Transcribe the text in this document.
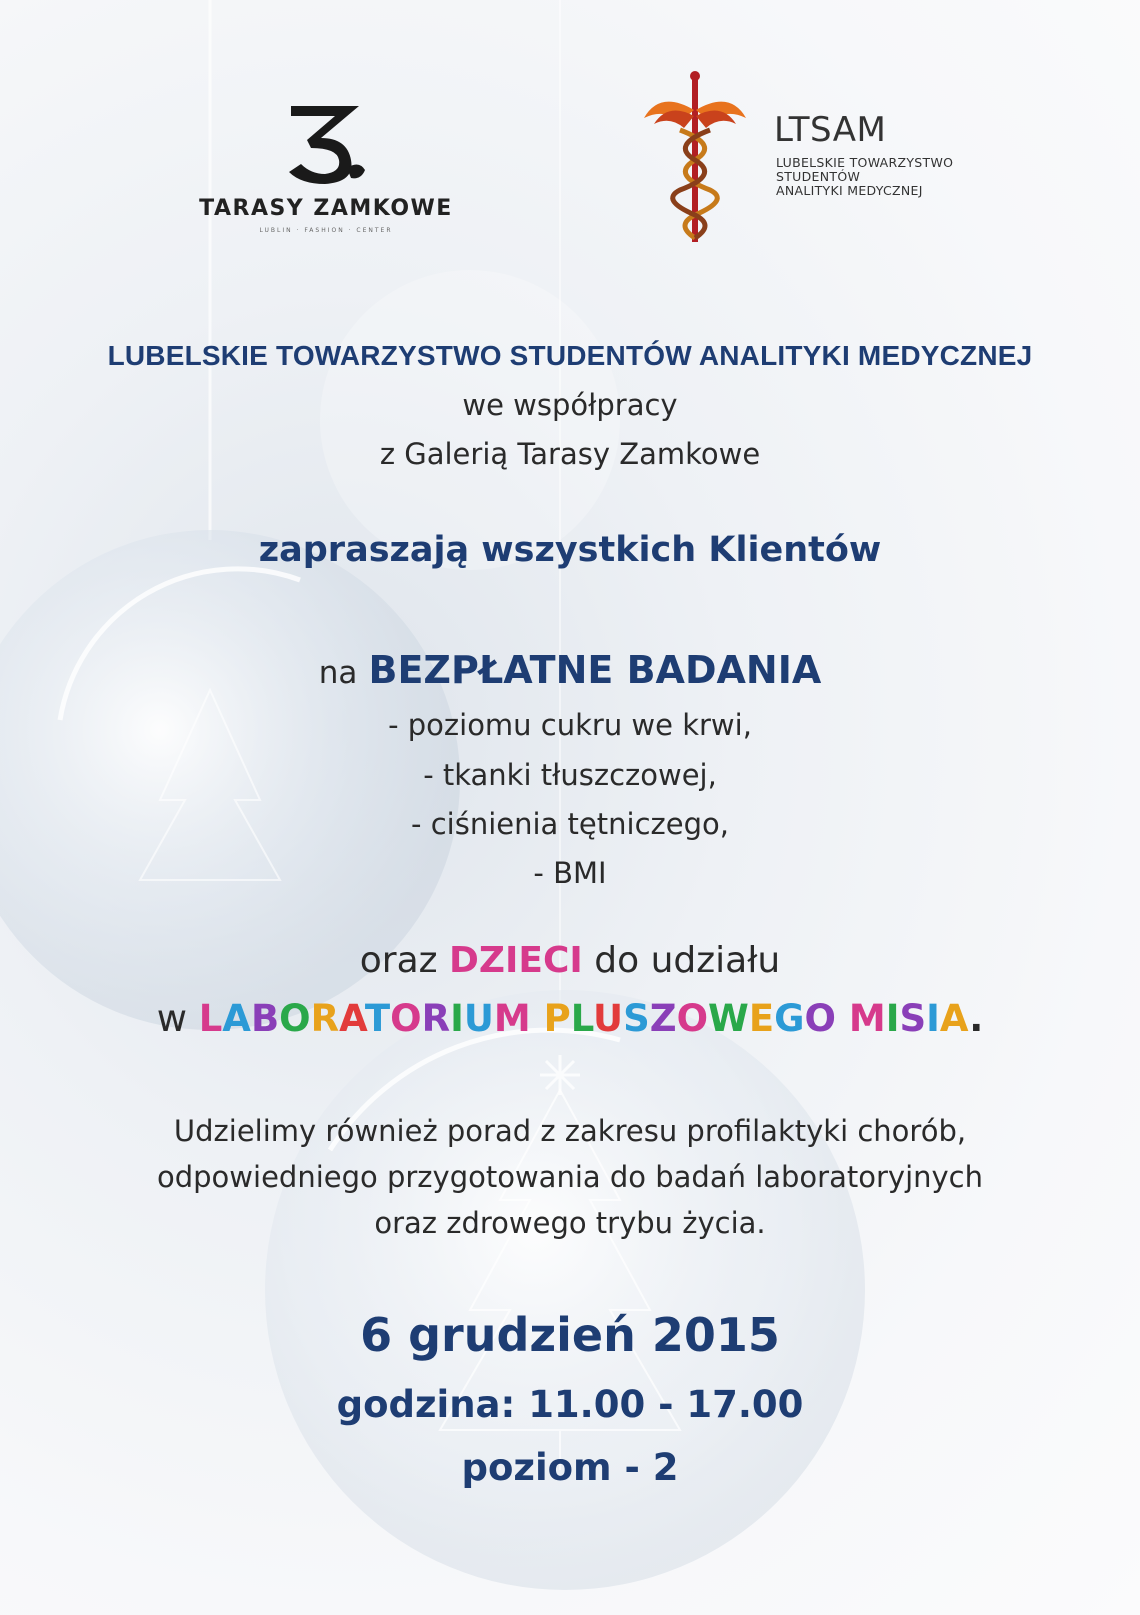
TARASY ZAMKOWE
LUBLIN · FASHION · CENTER
LTSAM
LUBELSKIE TOWARZYSTWO
STUDENTÓW
ANALITYKI MEDYCZNEJ
LUBELSKIE TOWARZYSTWO STUDENTÓW ANALITYKI MEDYCZNEJ
we współpracy
z Galerią Tarasy Zamkowe
zapraszają wszystkich Klientów
na BEZPŁATNE BADANIA
- poziomu cukru we krwi,
- tkanki tłuszczowej,
- ciśnienia tętniczego,
- BMI
oraz DZIECI do udziału
w LABORATORIUM PLUSZOWEGO MISIA.
Udzielimy również porad z zakresu profilaktyki chorób,
odpowiedniego przygotowania do badań laboratoryjnych
oraz zdrowego trybu życia.
6 grudzień 2015
godzina: 11.00 - 17.00
poziom - 2
